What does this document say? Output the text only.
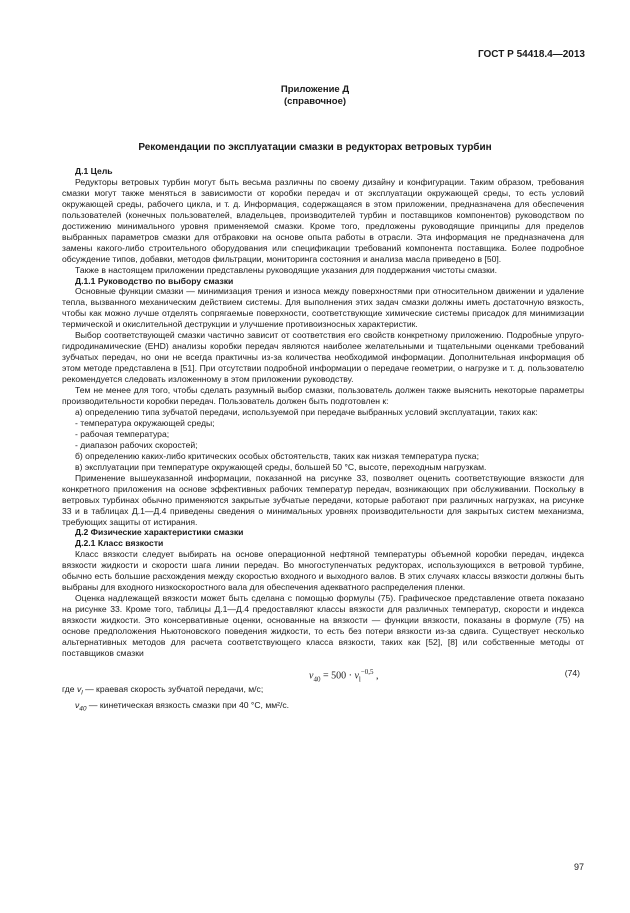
ГОСТ Р 54418.4—2013
Приложение Д
(справочное)
Рекомендации по эксплуатации смазки в редукторах ветровых турбин

Д.1 Цель

Редукторы ветровых турбин могут быть весьма различны по своему дизайну и конфигурации. Таким образом, требования смазки могут также меняться в зависимости от коробки передач и от эксплуатации окружающей среды, то есть условий окружающей среды, рабочего цикла, и т. д. Информация, содержащаяся в этом приложении, предназначена для обеспечения пользователей (конечных пользователей, владельцев, производителей турбин и поставщиков компонентов) руководством по достижению минимального уровня применяемой смазки. Кроме того, предложены руководящие принципы для пределов выбранных параметров смазки для отбраковки на основе опыта работы в отрасли. Эта информация не предназначена для замены какого-либо строительного оборудования или спецификации требований компонента поставщика. Более подробное обсуждение типов, добавки, методов фильтрации, мониторинга состояния и анализа масла приведено в [50].

Также в настоящем приложении представлены руководящие указания для поддержания чистоты смазки.

Д.1.1 Руководство по выбору смазки

Основные функции смазки — минимизация трения и износа между поверхностями при относительном движении и удаление тепла, вызванного механическим действием системы. Для выполнения этих задач смазки должны иметь достаточную вязкость, чтобы как можно лучше отделять сопрягаемые поверхности, соответствующие химические системы присадок для минимизации термической и окислительной деструкции и улучшение противоизносных характеристик.

Выбор соответствующей смазки частично зависит от соответствия его свойств конкретному приложению. Подробные упруго-гидродинамические (EHD) анализы коробки передач являются наиболее желательными и тщательными оценками требований зубчатых передач, но они не всегда практичны из-за количества необходимой информации. Дополнительная информация об этом методе представлена в [51]. При отсутствии подробной информации о передаче геометрии, о нагрузке и т. д. пользователю рекомендуется следовать изложенному в этом приложении руководству.

Тем не менее для того, чтобы сделать разумный выбор смазки, пользователь должен также выяснить некоторые параметры производительности коробки передач. Пользователь должен быть подготовлен к:

а) определению типа зубчатой передачи, используемой при передаче выбранных условий эксплуатации, таких как:

- температура окружающей среды;

- рабочая температура;

- диапазон рабочих скоростей;

б) определению каких-либо критических особых обстоятельств, таких как низкая температура пуска;

в) эксплуатации при температуре окружающей среды, большей 50 °С, высоте, переходным нагрузкам.

Применение вышеуказанной информации, показанной на рисунке 33, позволяет оценить соответствующие вязкости для конкретного приложения на основе эффективных рабочих температур передач, возникающих при обслуживании. Поскольку в ветровых турбинах обычно применяются закрытые зубчатые передачи, которые работают при различных нагрузках, на рисунке 33 и в таблицах Д.1—Д.4 приведены сведения о минимальных уровнях производительности для закрытых систем механизма, требующих защиты от истирания.

Д.2 Физические характеристики смазки

Д.2.1 Класс вязкости

Класс вязкости следует выбирать на основе операционной нефтяной температуры объемной коробки передач, индекса вязкости жидкости и скорости шага линии передач. Во многоступенчатых редукторах, использующихся в ветровой турбине, обычно есть большие расхождения между скоростью входного и выходного валов. В этих случаях классы вязкости должны быть выбраны для входного низкоскоростного вала для обеспечения адекватного распределения пленки.

Оценка надлежащей вязкости может быть сделана с помощью формулы (75). Графическое представление ответа показано на рисунке 33. Кроме того, таблицы Д.1—Д.4 предоставляют классы вязкости для различных температур, скорости и индекса вязкости жидкости. Это консервативные оценки, основанные на вязкости — функции вязкости, показаны в формуле (75) на основе предположения Ньютоновского поведения жидкости, то есть без потери вязкости из-за сдвига. Существует несколько альтернативных методов для расчета соответствующего класса вязкости, таких как [52], [8] или собственные методы от поставщиков смазки

$\nu_{40} = 500 \cdot v_l^{-0,5}$ ,	(74)

где $v_l$ — краевая скорость зубчатой передачи, м/с;

$\nu_{40}$ — кинетическая вязкость смазки при 40 °С, мм²/с.

97
